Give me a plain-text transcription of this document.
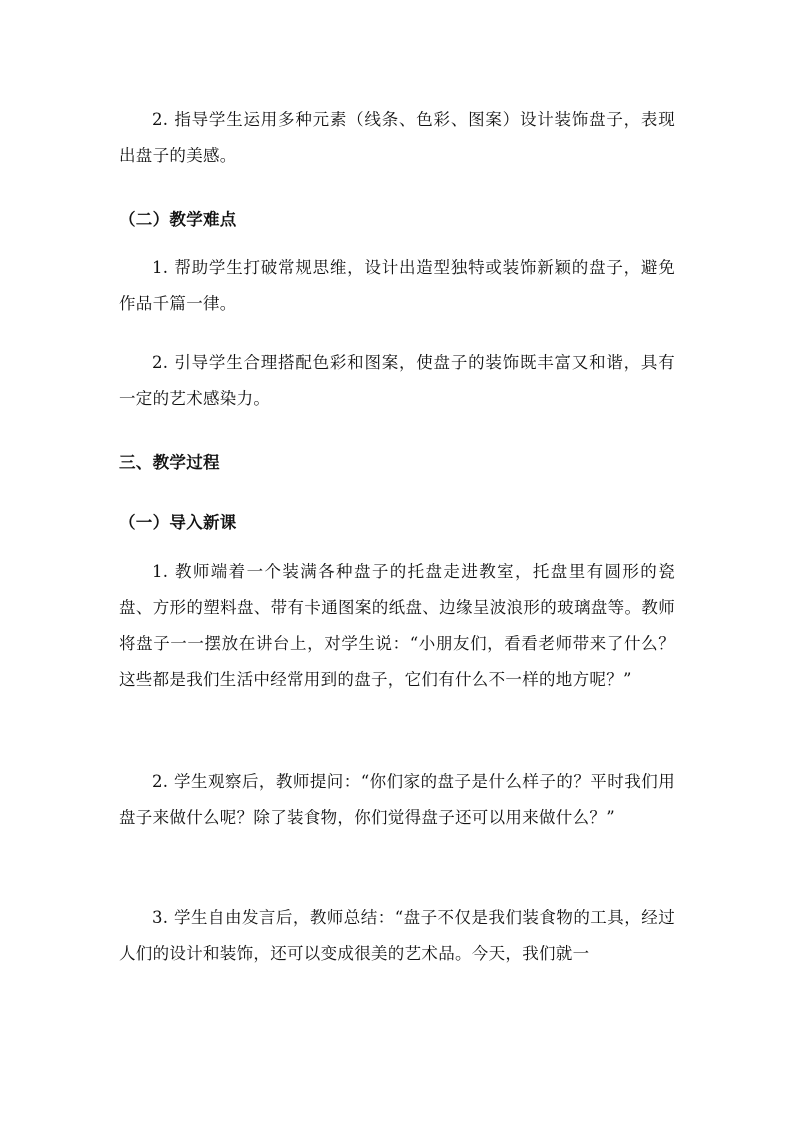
2. 指导学生运用多种元素（线条、色彩、图案）设计装饰盘子，表现出盘子的美感。

（二）教学难点

1. 帮助学生打破常规思维，设计出造型独特或装饰新颖的盘子，避免作品千篇一律。

2. 引导学生合理搭配色彩和图案，使盘子的装饰既丰富又和谐，具有一定的艺术感染力。

三、教学过程

（一）导入新课

1. 教师端着一个装满各种盘子的托盘走进教室，托盘里有圆形的瓷盘、方形的塑料盘、带有卡通图案的纸盘、边缘呈波浪形的玻璃盘等。教师将盘子一一摆放在讲台上，对学生说：“小朋友们，看看老师带来了什么？这些都是我们生活中经常用到的盘子，它们有什么不一样的地方呢？”

2. 学生观察后，教师提问：“你们家的盘子是什么样子的？平时我们用盘子来做什么呢？除了装食物，你们觉得盘子还可以用来做什么？”

3. 学生自由发言后，教师总结：“盘子不仅是我们装食物的工具，经过人们的设计和装饰，还可以变成很美的艺术品。今天，我们就一
